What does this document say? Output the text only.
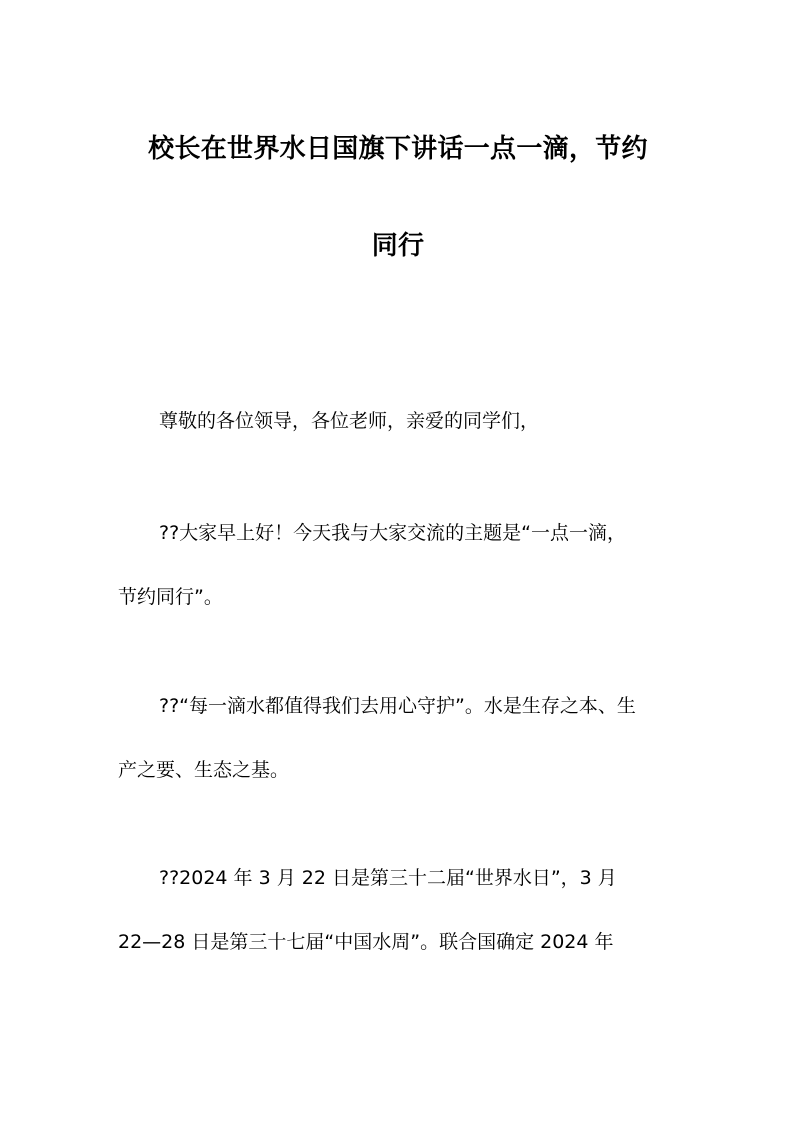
校长在世界水日国旗下讲话一点一滴，节约
同行
尊敬的各位领导，各位老师，亲爱的同学们，
??大家早上好！今天我与大家交流的主题是“一点一滴，
节约同行”。
??“每一滴水都值得我们去用心守护”。水是生存之本、生
产之要、生态之基。
??2024 年 3 月 22 日是第三十二届“世界水日”，3 月
22—28 日是第三十七届“中国水周”。联合国确定 2024 年
